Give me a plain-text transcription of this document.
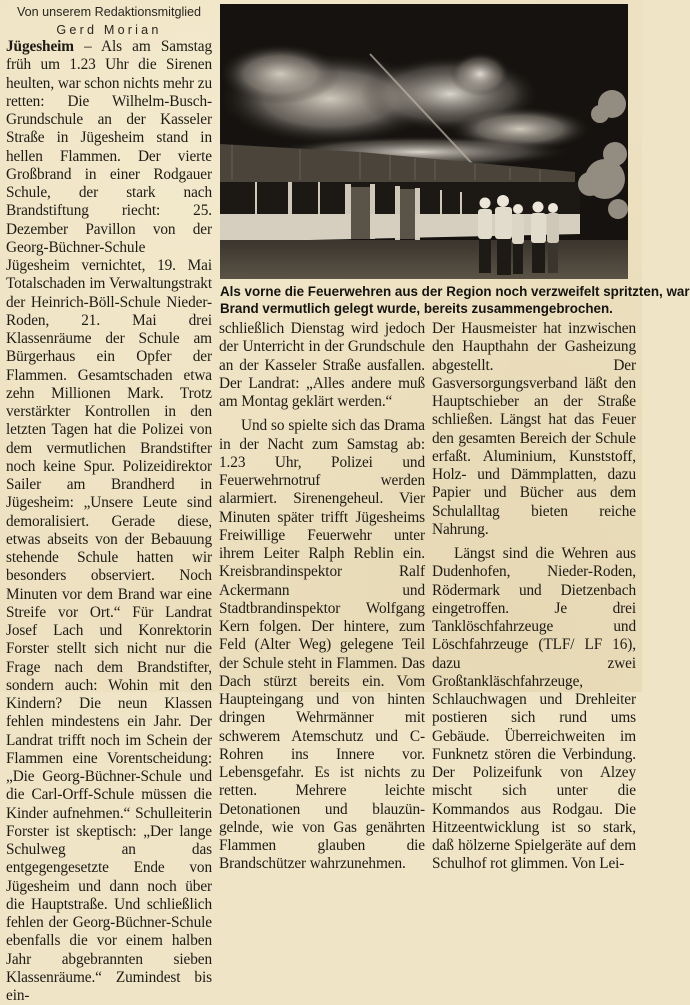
Von unserem Redaktionsmitglied
Gerd Morian

Jügesheim – Als am Samstag früh um 1.23 Uhr die Sirenen heulten, war schon nichts mehr zu retten: Die Wilhelm-Busch-Grundschule an der Kasseler Straße in Jügesheim stand in hellen Flammen. Der vierte Großbrand in einer Rodgauer Schule, der stark nach Brandstiftung riecht: 25. Dezember Pavillon von der Georg-Büchner-Schule Jügesheim vernichtet, 19. Mai Totalschaden im Verwaltungstrakt der Heinrich-Böll-Schule Nieder-Roden, 21. Mai drei Klassenräume der Schule am Bürgerhaus ein Opfer der Flammen. Gesamtschaden etwa zehn Millionen Mark. Trotz verstärkter Kontrollen in den letzten Tagen hat die Polizei von dem vermutlichen Brandstifter noch keine Spur. Polizeidirektor Sailer am Brandherd in Jügesheim: „Unsere Leute sind demoralisiert. Gerade diese, etwas abseits von der Bebauung stehende Schule hatten wir besonders observiert. Noch Minuten vor dem Brand war eine Streife vor Ort.“ Für Landrat Josef Lach und Konrektorin Forster stellt sich nicht nur die Frage nach dem Brandstifter, sondern auch: Wohin mit den Kindern? Die neun Klassen fehlen mindestens ein Jahr. Der Landrat trifft noch im Schein der Flammen eine Vorentscheidung: „Die Georg-Büchner-Schule und die Carl-Orff-Schule müssen die Kinder aufnehmen.“ Schulleiterin Forster ist skeptisch: „Der lange Schulweg an das entgegengesetzte Ende von Jügesheim und dann noch über die Hauptstraße. Und schließlich fehlen der Georg-Büchner-Schule ebenfalls die vor einem halben Jahr abgebrannten sieben Klassenräume.“ Zumindest bis ein-

Als vorne die Feuerwehren aus der Region noch verzweifelt spritzten, war
Brand vermutlich gelegt wurde, bereits zusammengebrochen.

schließlich Dienstag wird jedoch der Unterricht in der Grundschule an der Kasseler Straße ausfallen. Der Landrat: „Alles andere muß am Montag geklärt werden.“

Und so spielte sich das Drama in der Nacht zum Samstag ab: 1.23 Uhr, Polizei und Feuerwehrnotruf werden alarmiert. Sirenengeheul. Vier Minuten später trifft Jügesheims Freiwillige Feuerwehr unter ihrem Leiter Ralph Reblin ein. Kreisbrandinspektor Ralf Ackermann und Stadtbrandinspektor Wolfgang Kern folgen. Der hintere, zum Feld (Alter Weg) gelegene Teil der Schule steht in Flammen. Das Dach stürzt bereits ein. Vom Haupteingang und von hinten dringen Wehrmänner mit schwerem Atemschutz und C-Rohren ins Innere vor. Lebensgefahr. Es ist nichts zu retten. Mehrere leichte Detonationen und blauzün- gelnde, wie von Gas genährten Flammen glauben die Brandschützer wahrzunehmen.

Der Hausmeister hat inzwischen den Haupthahn der Gasheizung abgestellt. Der Gasversorgungsverband läßt den Hauptschieber an der Straße schließen. Längst hat das Feuer den gesamten Bereich der Schule erfaßt. Aluminium, Kunststoff, Holz- und Dämmplatten, dazu Papier und Bücher aus dem Schulalltag bieten reiche Nahrung.

Längst sind die Wehren aus Dudenhofen, Nieder-Roden, Rödermark und Dietzenbach eingetroffen. Je drei Tanklöschfahrzeuge und Löschfahrzeuge (TLF/ LF 16), dazu zwei Großtankläschfahrzeuge, Schlauchwagen und Drehleiter postieren sich rund ums Gebäude. Überreichweiten im Funknetz stören die Verbindung. Der Polizeifunk von Alzey mischt sich unter die Kommandos aus Rodgau. Die Hitzeentwicklung ist so stark, daß hölzerne Spielgeräte auf dem Schulhof rot glimmen. Von Lei-
